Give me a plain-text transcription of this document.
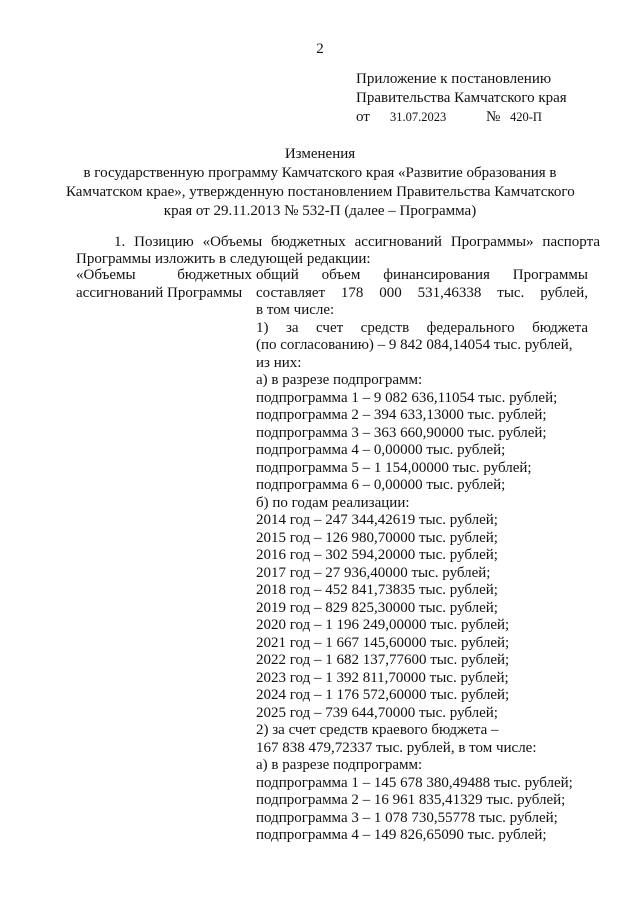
2
Приложение к постановлению
Правительства Камчатского края
от	31.07.2023	№ 420-П
Изменения
в государственную программу Камчатского края «Развитие образования в
Камчатском крае», утвержденную постановлением Правительства Камчатского
края от 29.11.2013 № 532-П (далее – Программа)
1. Позицию «Объемы бюджетных ассигнований Программы» паспорта
Программы изложить в следующей редакции:
«Объемы бюджетных
ассигнований Программы
общий объем финансирования Программы
составляет 178 000 531,46338 тыс. рублей,
в том числе:
1) за счет средств федерального бюджета
(по согласованию) – 9 842 084,14054 тыс. рублей,
из них:
а) в разрезе подпрограмм:
подпрограмма 1 – 9 082 636,11054 тыс. рублей;
подпрограмма 2 – 394 633,13000 тыс. рублей;
подпрограмма 3 – 363 660,90000 тыс. рублей;
подпрограмма 4 – 0,00000 тыс. рублей;
подпрограмма 5 – 1 154,00000 тыс. рублей;
подпрограмма 6 – 0,00000 тыс. рублей;
б) по годам реализации:
2014 год – 247 344,42619 тыс. рублей;
2015 год – 126 980,70000 тыс. рублей;
2016 год – 302 594,20000 тыс. рублей;
2017 год – 27 936,40000 тыс. рублей;
2018 год – 452 841,73835 тыс. рублей;
2019 год – 829 825,30000 тыс. рублей;
2020 год – 1 196 249,00000 тыс. рублей;
2021 год – 1 667 145,60000 тыс. рублей;
2022 год – 1 682 137,77600 тыс. рублей;
2023 год – 1 392 811,70000 тыс. рублей;
2024 год – 1 176 572,60000 тыс. рублей;
2025 год – 739 644,70000 тыс. рублей;
2) за счет средств краевого бюджета –
167 838 479,72337 тыс. рублей, в том числе:
а) в разрезе подпрограмм:
подпрограмма 1 – 145 678 380,49488 тыс. рублей;
подпрограмма 2 – 16 961 835,41329 тыс. рублей;
подпрограмма 3 – 1 078 730,55778 тыс. рублей;
подпрограмма 4 – 149 826,65090 тыс. рублей;
